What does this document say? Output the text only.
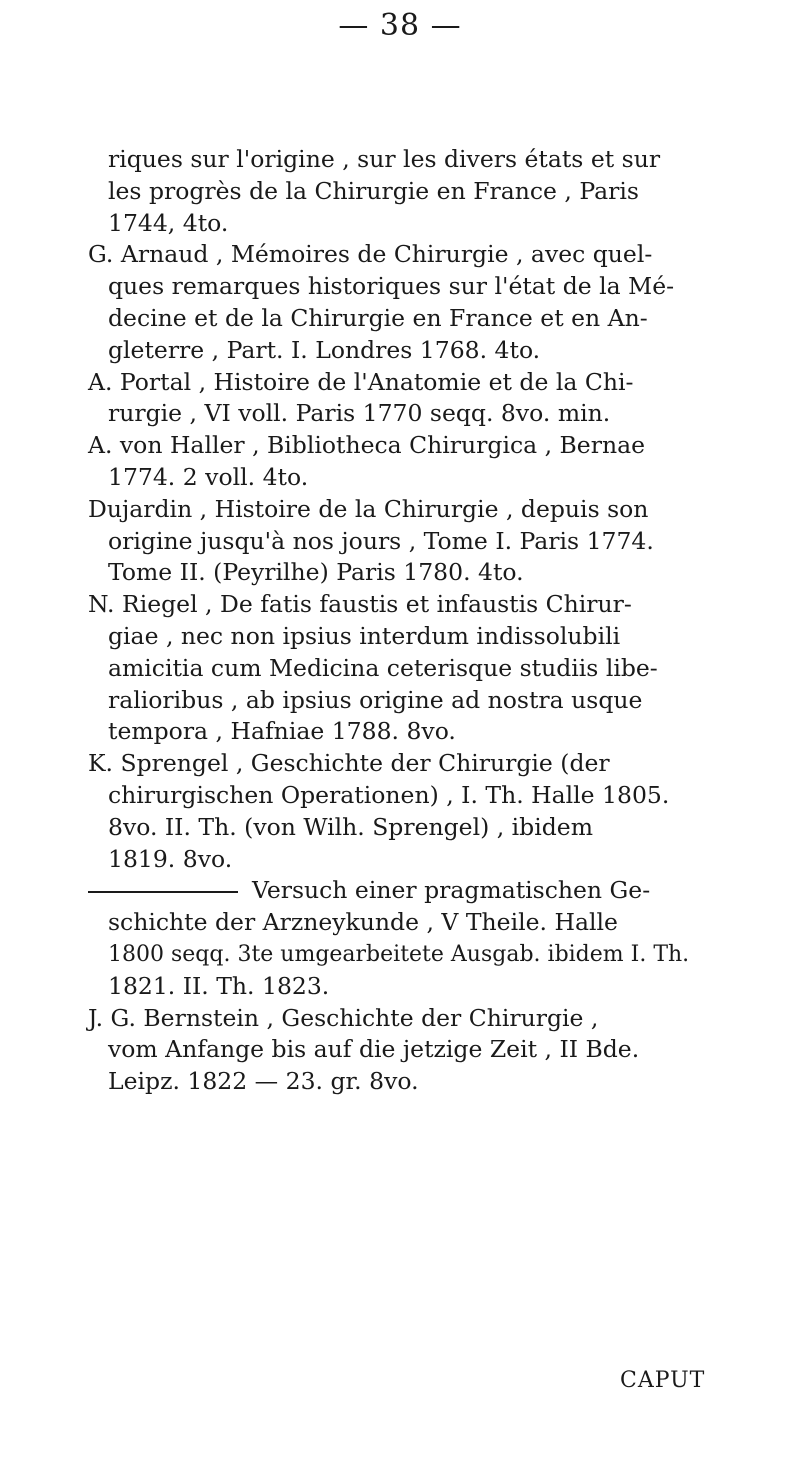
— 38 —
riques sur l'origine , sur les divers états et sur
les progrès de la Chirurgie en France , Paris
1744, 4to.
G. Arnaud , Mémoires de Chirurgie , avec quel-
ques remarques historiques sur l'état de la Mé-
decine et de la Chirurgie en France et en An-
gleterre , Part. I. Londres 1768. 4to.
A. Portal , Histoire de l'Anatomie et de la Chi-
rurgie , VI voll. Paris 1770 seqq. 8vo. min.
A. von Haller , Bibliotheca Chirurgica , Bernae
1774. 2 voll. 4to.
Dujardin , Histoire de la Chirurgie , depuis son
origine jusqu'à nos jours , Tome I. Paris 1774.
Tome II. (Peyrilhe) Paris 1780. 4to.
N. Riegel , De fatis faustis et infaustis Chirur-
giae , nec non ipsius interdum indissolubili
amicitia cum Medicina ceterisque studiis libe-
ralioribus , ab ipsius origine ad nostra usque
tempora , Hafniae 1788. 8vo.
K. Sprengel , Geschichte der Chirurgie (der
chirurgischen Operationen) , I. Th. Halle 1805.
8vo. II. Th. (von Wilh. Sprengel) , ibidem
1819. 8vo.
Versuch einer pragmatischen Ge-
schichte der Arzneykunde , V Theile. Halle
1800 seqq. 3te umgearbeitete Ausgab. ibidem I. Th.
1821. II. Th. 1823.
J. G. Bernstein , Geschichte der Chirurgie ,
vom Anfange bis auf die jetzige Zeit , II Bde.
Leipz. 1822 — 23. gr. 8vo.
CAPUT
